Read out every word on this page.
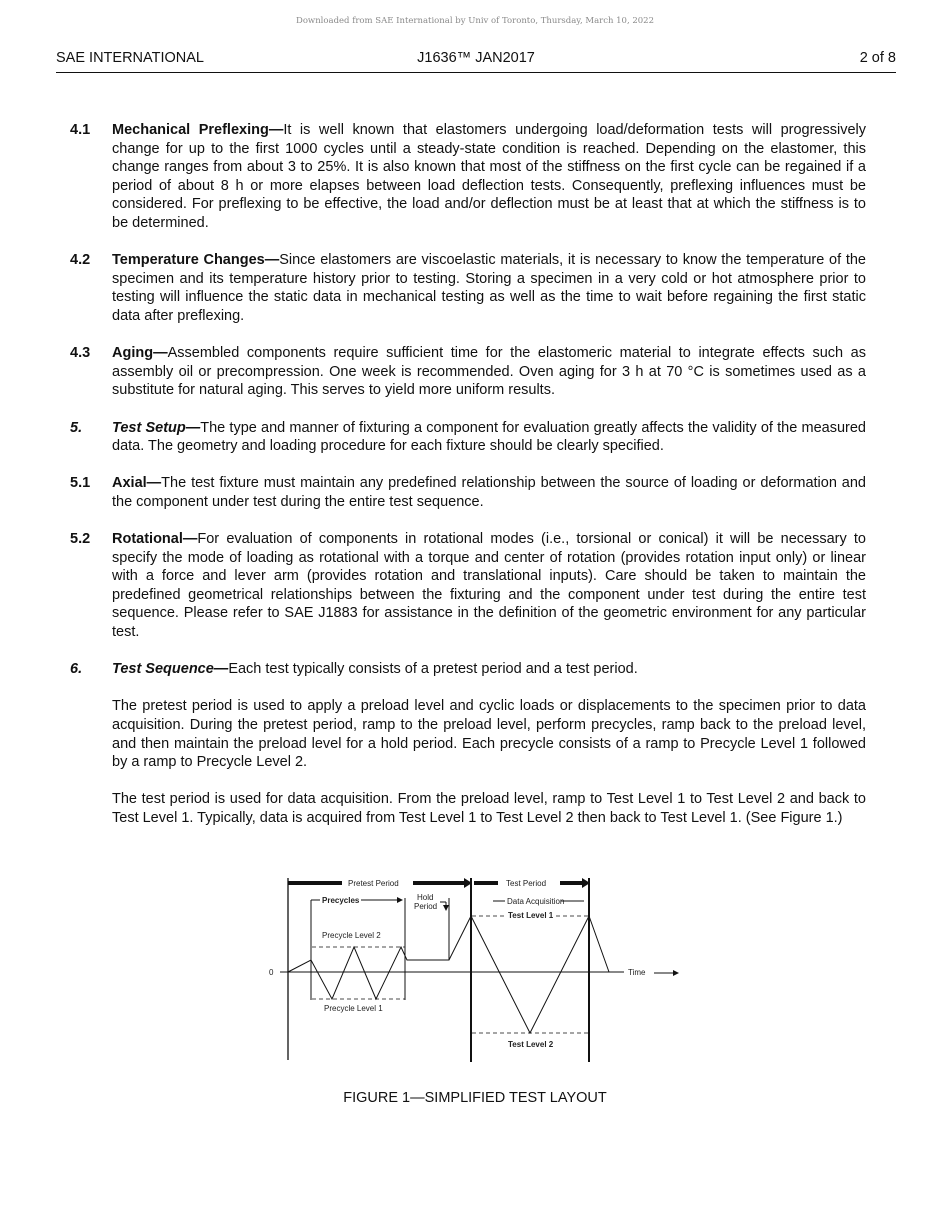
Downloaded from SAE International by Univ of Toronto, Thursday, March 10, 2022
SAE INTERNATIONAL	J1636™ JAN2017	2 of 8
4.1	Mechanical Preflexing—It is well known that elastomers undergoing load/deformation tests will progressively change for up to the first 1000 cycles until a steady-state condition is reached. Depending on the elastomer, this change ranges from about 3 to 25%. It is also known that most of the stiffness on the first cycle can be regained if a period of about 8 h or more elapses between load deflection tests. Consequently, preflexing influences must be considered. For preflexing to be effective, the load and/or deflection must be at least that at which the stiffness is to be determined.
4.2	Temperature Changes—Since elastomers are viscoelastic materials, it is necessary to know the temperature of the specimen and its temperature history prior to testing. Storing a specimen in a very cold or hot atmosphere prior to testing will influence the static data in mechanical testing as well as the time to wait before regaining the first static data after preflexing.
4.3	Aging—Assembled components require sufficient time for the elastomeric material to integrate effects such as assembly oil or precompression. One week is recommended. Oven aging for 3 h at 70 °C is sometimes used as a substitute for natural aging. This serves to yield more uniform results.
5.	Test Setup—The type and manner of fixturing a component for evaluation greatly affects the validity of the measured data. The geometry and loading procedure for each fixture should be clearly specified.
5.1	Axial—The test fixture must maintain any predefined relationship between the source of loading or deformation and the component under test during the entire test sequence.
5.2	Rotational—For evaluation of components in rotational modes (i.e., torsional or conical) it will be necessary to specify the mode of loading as rotational with a torque and center of rotation (provides rotation input only) or linear with a force and lever arm (provides rotation and translational inputs). Care should be taken to maintain the predefined geometrical relationships between the fixturing and the component under test during the entire test sequence. Please refer to SAE J1883 for assistance in the definition of the geometric environment for any particular test.
6.	Test Sequence—Each test typically consists of a pretest period and a test period.
The pretest period is used to apply a preload level and cyclic loads or displacements to the specimen prior to data acquisition. During the pretest period, ramp to the preload level, perform precycles, ramp back to the preload level, and then maintain the preload level for a hold period. Each precycle consists of a ramp to Precycle Level 1 followed by a ramp to Precycle Level 2.
The test period is used for data acquisition. From the preload level, ramp to Test Level 1 to Test Level 2 and back to Test Level 1. Typically, data is acquired from Test Level 1 to Test Level 2 then back to Test Level 1. (See Figure 1.)
Pretest Period	Test Period
Precycles	Hold
Period
Data Acquisition
Test Level 1
Precycle Level 2
0	Time
Precycle Level 1
Test Level 2
FIGURE 1—SIMPLIFIED TEST LAYOUT
